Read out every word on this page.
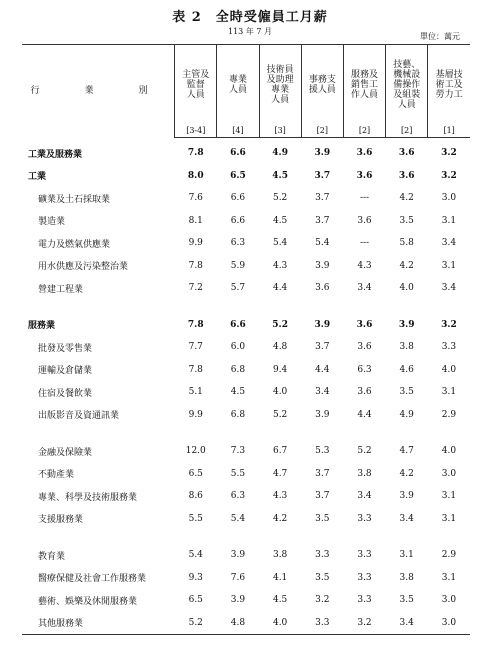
表 2　全時受僱員工月薪
113 年 7 月
單位：萬元
行　業　別	主管及
監督
人員	專業
人員	技術員
及助理
專業
人員	事務支
援人員	服務及
銷售工
作人員	技藝、
機械設
備操作
及組裝
人員	基層技
術工及
勞力工
	[3-4]	[4]	[3]	[2]	[2]	[2]	[1]
工業及服務業	7.8	6.6	4.9	3.9	3.6	3.6	3.2
工業	8.0	6.5	4.5	3.7	3.6	3.6	3.2
礦業及土石採取業	7.6	6.6	5.2	3.7	---	4.2	3.0
製造業	8.1	6.6	4.5	3.7	3.6	3.5	3.1
電力及燃氣供應業	9.9	6.3	5.4	5.4	---	5.8	3.4
用水供應及污染整治業	7.8	5.9	4.3	3.9	4.3	4.2	3.1
營建工程業	7.2	5.7	4.4	3.6	3.4	4.0	3.4

服務業	7.8	6.6	5.2	3.9	3.6	3.9	3.2
批發及零售業	7.7	6.0	4.8	3.7	3.6	3.8	3.3
運輸及倉儲業	7.8	6.8	9.4	4.4	6.3	4.6	4.0
住宿及餐飲業	5.1	4.5	4.0	3.4	3.6	3.5	3.1
出版影音及資通訊業	9.9	6.8	5.2	3.9	4.4	4.9	2.9

金融及保險業	12.0	7.3	6.7	5.3	5.2	4.7	4.0
不動產業	6.5	5.5	4.7	3.7	3.8	4.2	3.0
專業、科學及技術服務業	8.6	6.3	4.3	3.7	3.4	3.9	3.1
支援服務業	5.5	5.4	4.2	3.5	3.3	3.4	3.1

教育業	5.4	3.9	3.8	3.3	3.3	3.1	2.9
醫療保健及社會工作服務業	9.3	7.6	4.1	3.5	3.3	3.8	3.1
藝術、娛樂及休閒服務業	6.5	3.9	4.5	3.2	3.3	3.5	3.0
其他服務業	5.2	4.8	4.0	3.3	3.2	3.4	3.0
